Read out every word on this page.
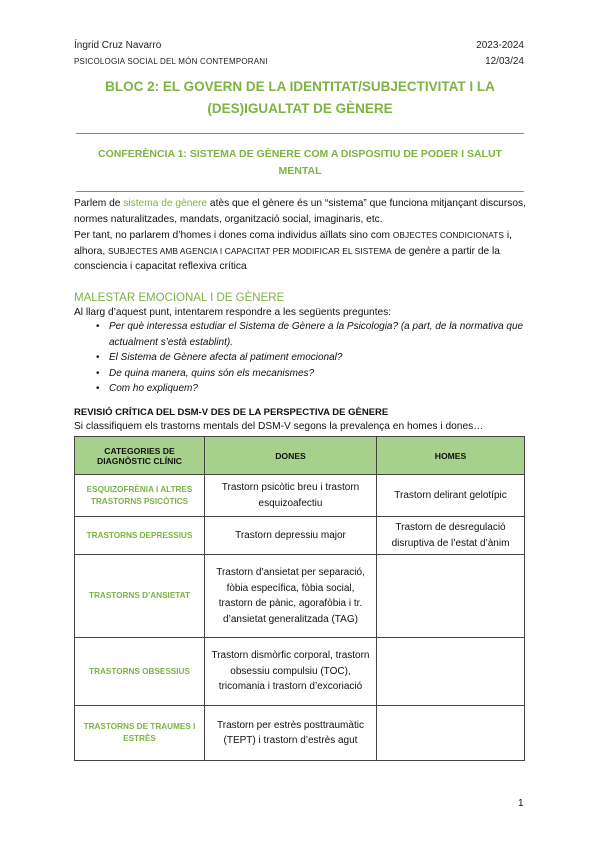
Íngrid Cruz Navarro
PSICOLOGIA SOCIAL DEL MÓN CONTEMPORANI
2023-2024
12/03/24
BLOC 2: EL GOVERN DE LA IDENTITAT/SUBJECTIVITAT I LA
(DES)IGUALTAT DE GÈNERE
CONFERÈNCIA 1: SISTEMA DE GÈNERE COM A DISPOSITIU DE PODER I SALUT
MENTAL
Parlem de sistema de gènere atès que el gènere és un “sistema” que funciona mitjançant discursos, normes naturalitzades, mandats, organització social, imaginaris, etc.
Per tant, no parlarem d’homes i dones coma individus aïllats sino com OBJECTES CONDICIONATS i, alhora, SUBJECTES AMB AGENCIA I CAPACITAT PER MODIFICAR EL SISTEMA de genère a partir de la consciencia i capacitat reflexiva crítica
MALESTAR EMOCIONAL I DE GÈNERE
Al llarg d’aquest punt, intentarem respondre a les següents preguntes:
• Per què interessa estudiar el Sistema de Gènere a la Psicologia? (a part, de la normativa que actualment s’està establint).
• El Sistema de Gènere afecta al patiment emocional?
• De quina manera, quins són els mecanismes?
• Com ho expliquem?
REVISIÓ CRÍTICA DEL DSM-V DES DE LA PERSPECTIVA DE GÈNERE
Si classifiquem els trastorns mentals del DSM-V segons la prevalença en homes i dones…
CATEGORIES DE DIAGNÒSTIC CLÍNIC	DONES	HOMES
ESQUIZOFRÈNIA I ALTRES TRASTORNS PSICÒTICS	Trastorn psicòtic breu i trastorn esquizoafectiu	Trastorn delirant gelotípic
TRASTORNS DEPRESSIUS	Trastorn depressiu major	Trastorn de desregulació disruptiva de l’estat d’ànim
TRASTORNS D’ANSIETAT	Trastorn d’ansietat per separació, fòbia específica, fòbia social, trastorn de pànic, agorafòbia i tr. d’ansietat generalitzada (TAG)	
TRASTORNS OBSESSIUS	Trastorn dismòrfic corporal, trastorn obsessiu compulsiu (TOC), tricomania i trastorn d’excoriació	
TRASTORNS DE TRAUMES I ESTRÈS	Trastorn per estrès posttraumàtic (TEPT) i trastorn d’estrès agut	
1
